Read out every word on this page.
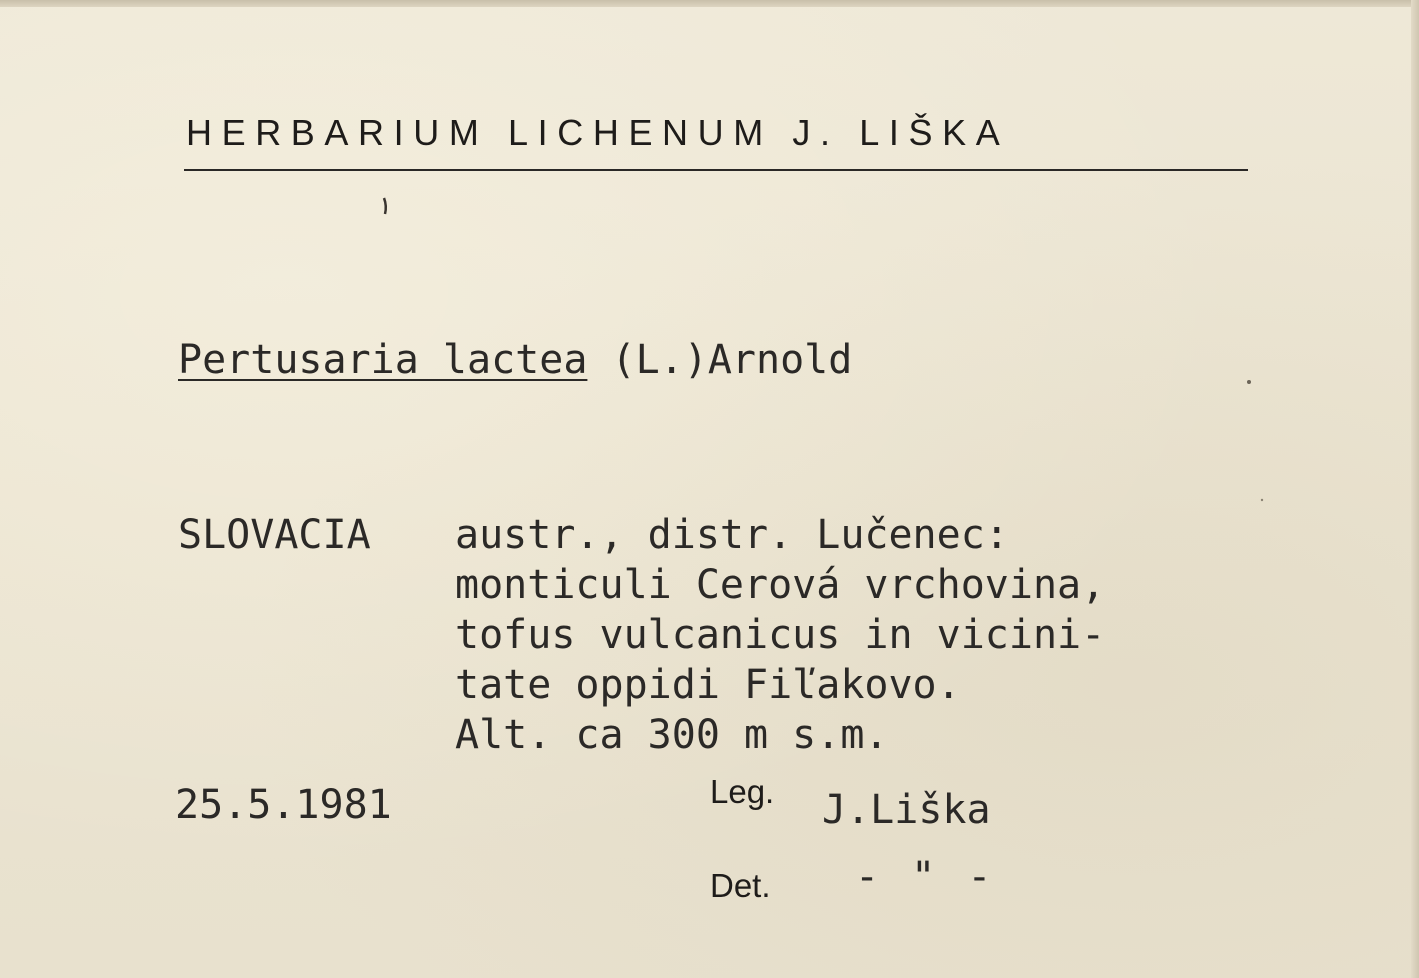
HERBARIUM LICHENUM J. LIŠKA
Pertusaria lactea (L.)Arnold
SLOVACIA austr., distr. Lučenec:
monticuli Cerová vrchovina,
tofus vulcanicus in vicini-
tate oppidi Fiľakovo.
Alt. ca 300 m s.m.
25.5.1981	Leg. J.Liška
Det. - " -
